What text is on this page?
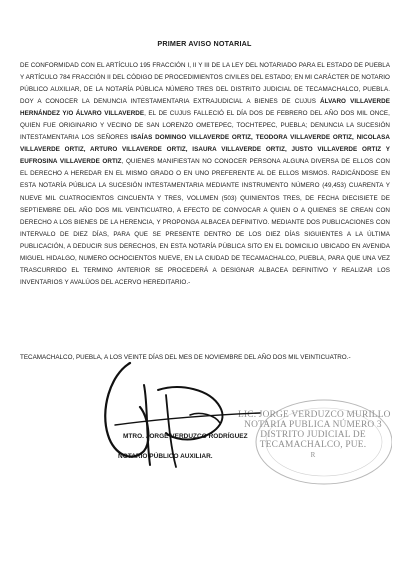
PRIMER AVISO NOTARIAL
DE CONFORMIDAD CON EL ARTÍCULO 195 FRACCIÓN I, II Y III DE LA LEY DEL NOTARIADO PARA EL ESTADO DE PUEBLA Y ARTÍCULO 784 FRACCIÓN II DEL CÓDIGO DE PROCEDIMIENTOS CIVILES DEL ESTADO; EN MI CARÁCTER DE NOTARIO PÚBLICO AUXILIAR, DE LA NOTARÍA PÚBLICA NÚMERO TRES DEL DISTRITO JUDICIAL DE TECAMACHALCO, PUEBLA. DOY A CONOCER LA DENUNCIA INTESTAMENTARIA EXTRAJUDICIAL A BIENES DE CUJUS ÁLVARO VILLAVERDE HERNÁNDEZ Y/O ÁLVARO VILLAVERDE, EL DE CUJUS FALLECIÓ EL DÍA DOS DE FEBRERO DEL AÑO DOS MIL ONCE, QUIEN FUE ORIGINARIO Y VECINO DE SAN LORENZO OMETEPEC, TOCHTEPEC, PUEBLA; DENUNCIA LA SUCESIÓN INTESTAMENTARIA LOS SEÑORES ISAÍAS DOMINGO VILLAVERDE ORTIZ, TEODORA VILLAVERDE ORTIZ, NICOLASA VILLAVERDE ORTIZ, ARTURO VILLAVERDE ORTIZ, ISAURA VILLAVERDE ORTIZ, JUSTO VILLAVERDE ORTIZ Y EUFROSINA VILLAVERDE ORTIZ, QUIENES MANIFIESTAN NO CONOCER PERSONA ALGUNA DIVERSA DE ELLOS CON EL DERECHO A HEREDAR EN EL MISMO GRADO O EN UNO PREFERENTE AL DE ELLOS MISMOS. RADICÁNDOSE EN ESTA NOTARÍA PÚBLICA LA SUCESIÓN INTESTAMENTARIA MEDIANTE INSTRUMENTO NÚMERO (49,453) CUARENTA Y NUEVE MIL CUATROCIENTOS CINCUENTA Y TRES, VOLUMEN (503) QUINIENTOS TRES, DE FECHA DIECISIETE DE SEPTIEMBRE DEL AÑO DOS MIL VEINTICUATRO, A EFECTO DE CONVOCAR A QUIEN O A QUIENES SE CREAN CON DERECHO A LOS BIENES DE LA HERENCIA, Y PROPONGA ALBACEA DEFINITIVO. MEDIANTE DOS PUBLICACIONES CON INTERVALO DE DIEZ DÍAS, PARA QUE SE PRESENTE DENTRO DE LOS DIEZ DÍAS SIGUIENTES A LA ÚLTIMA PUBLICACIÓN, A DEDUCIR SUS DERECHOS, EN ESTA NOTARÍA PÚBLICA SITO EN EL DOMICILIO UBICADO EN AVENIDA MIGUEL HIDALGO, NUMERO OCHOCIENTOS NUEVE, EN LA CIUDAD DE TECAMACHALCO, PUEBLA, PARA QUE UNA VEZ TRASCURRIDO EL TERMINO ANTERIOR SE PROCEDERÁ A DESIGNAR ALBACEA DEFINITIVO Y REALIZAR LOS INVENTARIOS Y AVALÚOS DEL ACERVO HEREDITARIO.-
TECAMACHALCO, PUEBLA, A LOS VEINTE DÍAS DEL MES DE NOVIEMBRE DEL AÑO DOS MIL VEINTICUATRO.-
LIC. JORGE VERDUZCO MURILLO
NOTARIA PUBLICA NÚMERO 3
DISTRITO JUDICIAL DE
TECAMACHALCO, PUE.
R
MTRO. JORGE VERDUZCO RODRÍGUEZ
NOTARIO PÚBLICO AUXILIAR.
